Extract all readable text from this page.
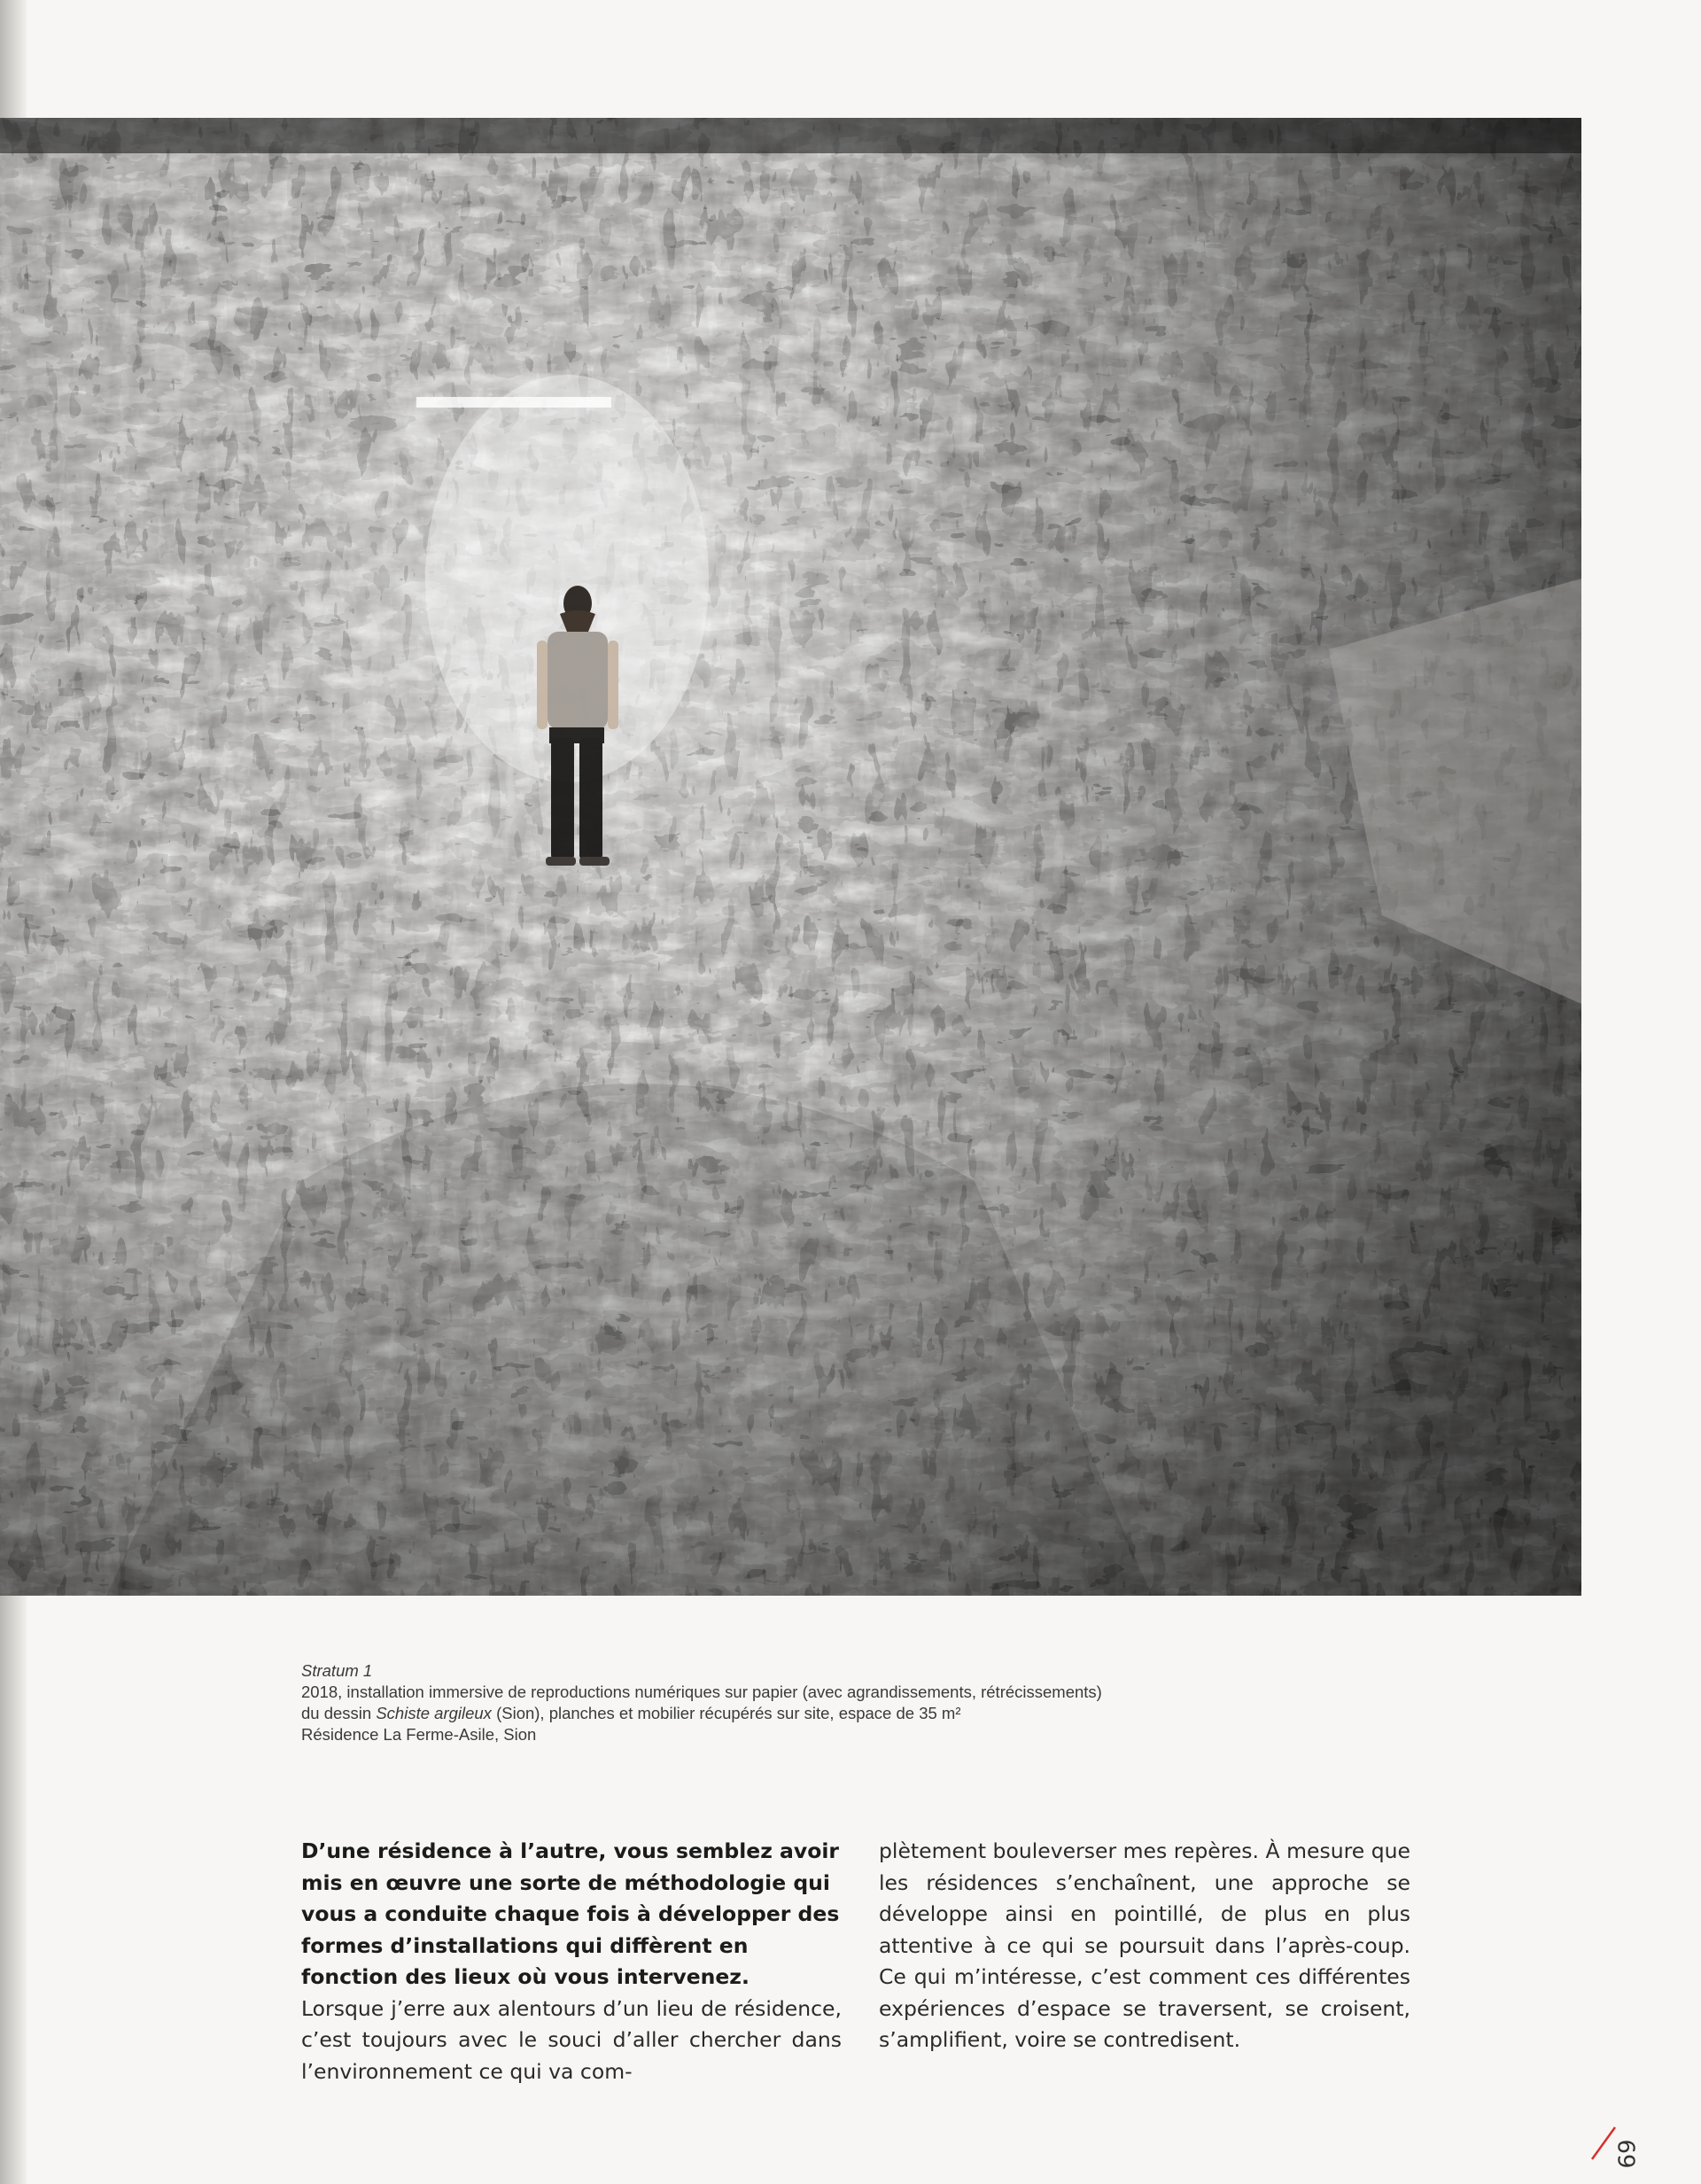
Stratum 1

2018, installation immersive de reproductions numériques sur papier (avec agrandissements, rétrécissements)

du dessin Schiste argileux (Sion), planches et mobilier récupérés sur site, espace de 35 m²

Résidence La Ferme-Asile, Sion

D’une résidence à l’autre, vous semblez avoir mis en œuvre une sorte de méthodologie qui vous a conduite chaque fois à développer des formes d’installations qui diffèrent en fonction des lieux où vous intervenez.

Lorsque j’erre aux alentours d’un lieu de résidence, c’est toujours avec le souci d’aller chercher dans l’environnement ce qui va com-

plètement bouleverser mes repères. À mesure que les résidences s’enchaînent, une approche se développe ainsi en pointillé, de plus en plus attentive à ce qui se poursuit dans l’après-coup. Ce qui m’intéresse, c’est comment ces différentes expériences d’espace se traversent, se croisent, s’amplifient, voire se contredisent.

69
